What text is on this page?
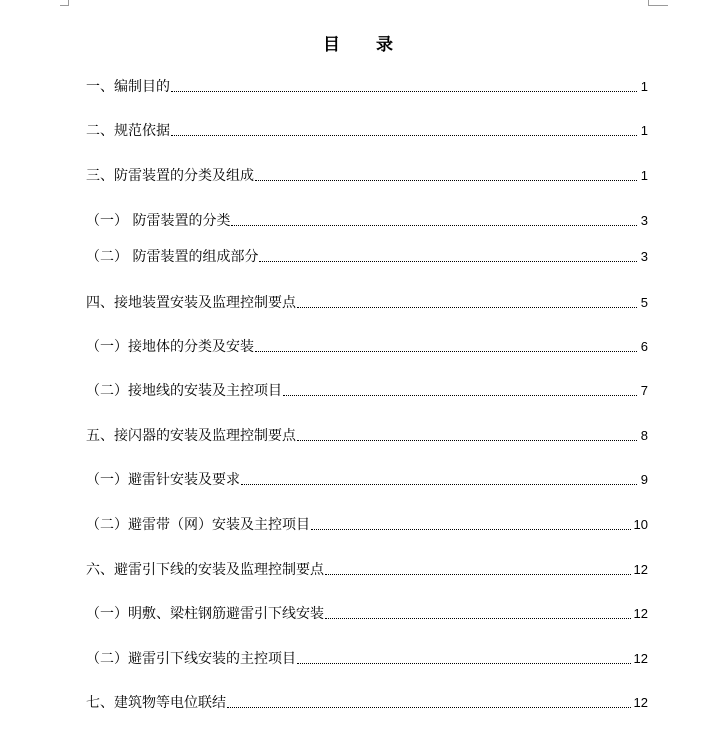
目 录
一、编制目的	1
二、规范依据	1
三、防雷装置的分类及组成	1
（一） 防雷装置的分类	3
（二） 防雷装置的组成部分	3
四、接地装置安装及监理控制要点	5
（一）接地体的分类及安装	6
（二）接地线的安装及主控项目	7
五、接闪器的安装及监理控制要点	8
（一）避雷针安装及要求	9
（二）避雷带（网）安装及主控项目	10
六、避雷引下线的安装及监理控制要点	12
（一）明敷、梁柱钢筋避雷引下线安装	12
（二）避雷引下线安装的主控项目	12
七、建筑物等电位联结	12
